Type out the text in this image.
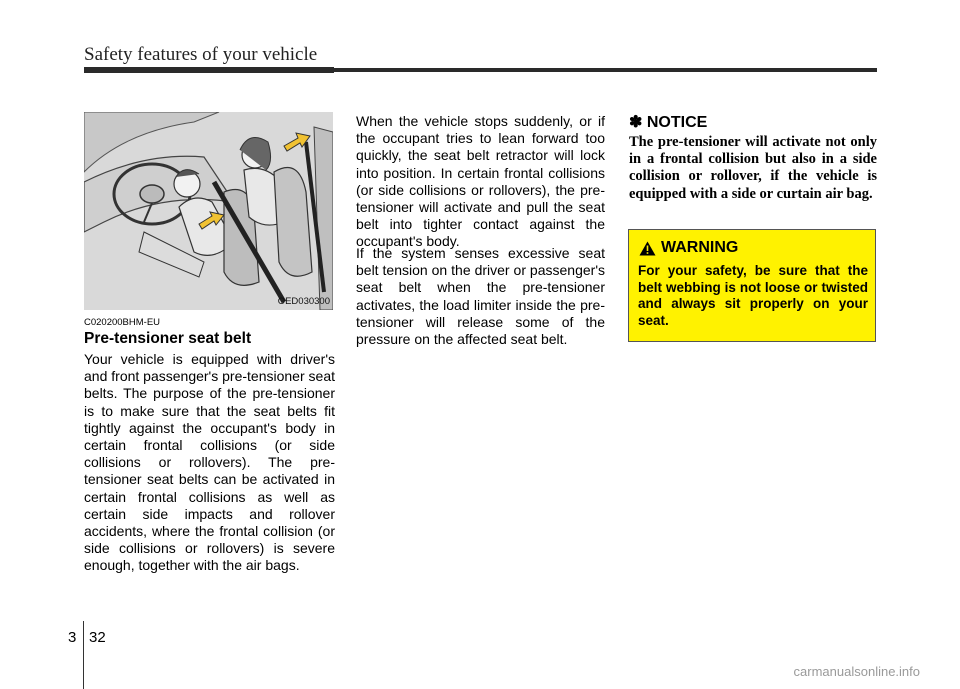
Safety features of your vehicle
OED030300
C020200BHM-EU
Pre-tensioner seat belt

Your vehicle is equipped with driver's and front passenger's pre-tensioner seat belts. The purpose of the pre-tensioner is to make sure that the seat belts fit tightly against the occupant's body in certain frontal collisions (or side collisions or rollovers). The pre-tensioner seat belts can be activated in certain frontal collisions as well as certain side impacts and rollover accidents, where the frontal collision (or side collisions or rollovers) is severe enough, together with the air bags.

When the vehicle stops suddenly, or if the occupant tries to lean forward too quickly, the seat belt retractor will lock into position. In certain frontal collisions (or side collisions or rollovers), the pre-tensioner will activate and pull the seat belt into tighter contact against the occupant's body.

If the system senses excessive seat belt tension on the driver or passenger's seat belt when the pre-tensioner activates, the load limiter inside the pre-tensioner will release some of the pressure on the affected seat belt.

✽ NOTICE

The pre-tensioner will activate not only in a frontal collision but also in a side collision or rollover, if the vehicle is equipped with a side or curtain air bag.

WARNING

For your safety, be sure that the belt webbing is not loose or twisted and always sit properly on your seat.

3 32
carmanualsonline.info
